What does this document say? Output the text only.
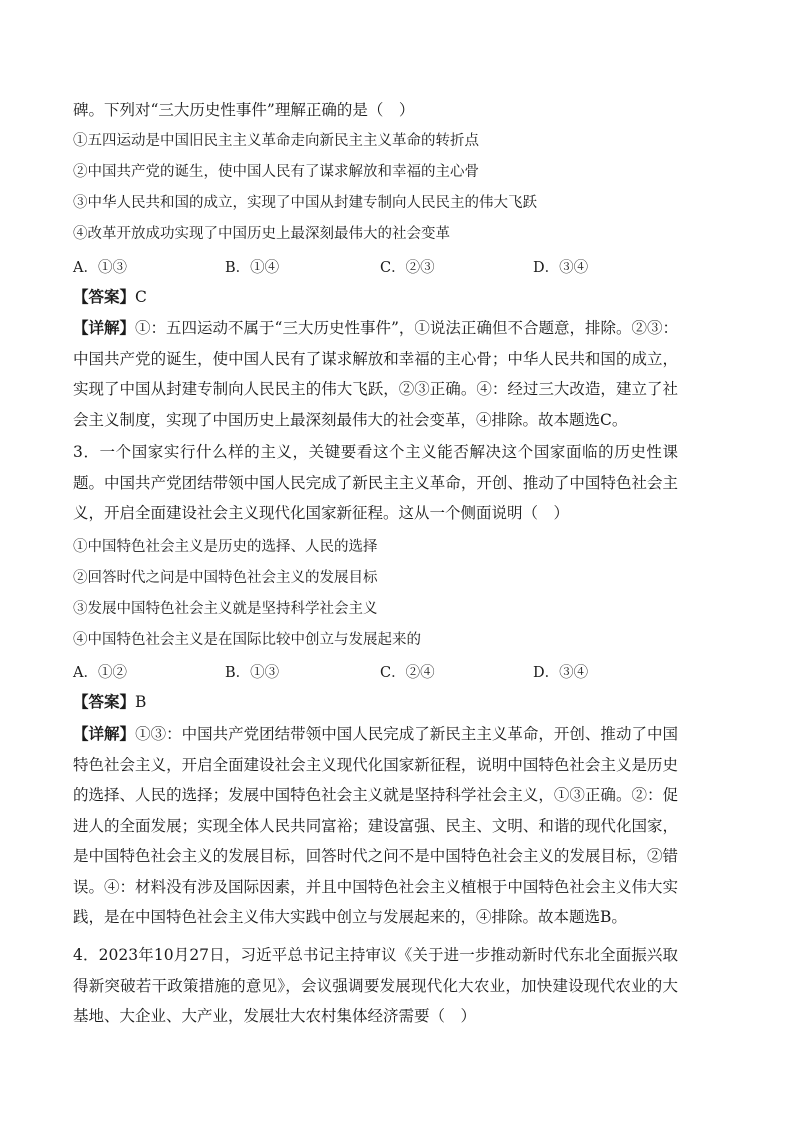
碑。下列对“三大历史性事件”理解正确的是（　）
①五四运动是中国旧民主主义革命走向新民主主义革命的转折点
②中国共产党的诞生，使中国人民有了谋求解放和幸福的主心骨
③中华人民共和国的成立，实现了中国从封建专制向人民民主的伟大飞跃
④改革开放成功实现了中国历史上最深刻最伟大的社会变革
A．①③	B．①④	C．②③	D．③④
【答案】C
【详解】①：五四运动不属于“三大历史性事件”，①说法正确但不合题意，排除。②③：中国共产党的诞生，使中国人民有了谋求解放和幸福的主心骨；中华人民共和国的成立，实现了中国从封建专制向人民民主的伟大飞跃，②③正确。④：经过三大改造，建立了社会主义制度，实现了中国历史上最深刻最伟大的社会变革，④排除。故本题选C。
3．一个国家实行什么样的主义，关键要看这个主义能否解决这个国家面临的历史性课题。中国共产党团结带领中国人民完成了新民主主义革命，开创、推动了中国特色社会主义，开启全面建设社会主义现代化国家新征程。这从一个侧面说明（　）
①中国特色社会主义是历史的选择、人民的选择
②回答时代之问是中国特色社会主义的发展目标
③发展中国特色社会主义就是坚持科学社会主义
④中国特色社会主义是在国际比较中创立与发展起来的
A．①②	B．①③	C．②④	D．③④
【答案】B
【详解】①③：中国共产党团结带领中国人民完成了新民主主义革命，开创、推动了中国特色社会主义，开启全面建设社会主义现代化国家新征程，说明中国特色社会主义是历史的选择、人民的选择；发展中国特色社会主义就是坚持科学社会主义，①③正确。②：促进人的全面发展；实现全体人民共同富裕；建设富强、民主、文明、和谐的现代化国家，是中国特色社会主义的发展目标，回答时代之问不是中国特色社会主义的发展目标，②错误。④：材料没有涉及国际因素，并且中国特色社会主义植根于中国特色社会主义伟大实践，是在中国特色社会主义伟大实践中创立与发展起来的，④排除。故本题选B。
4．2023年10月27日，习近平总书记主持审议《关于进一步推动新时代东北全面振兴取得新突破若干政策措施的意见》，会议强调要发展现代化大农业，加快建设现代农业的大基地、大企业、大产业，发展壮大农村集体经济需要（　）
